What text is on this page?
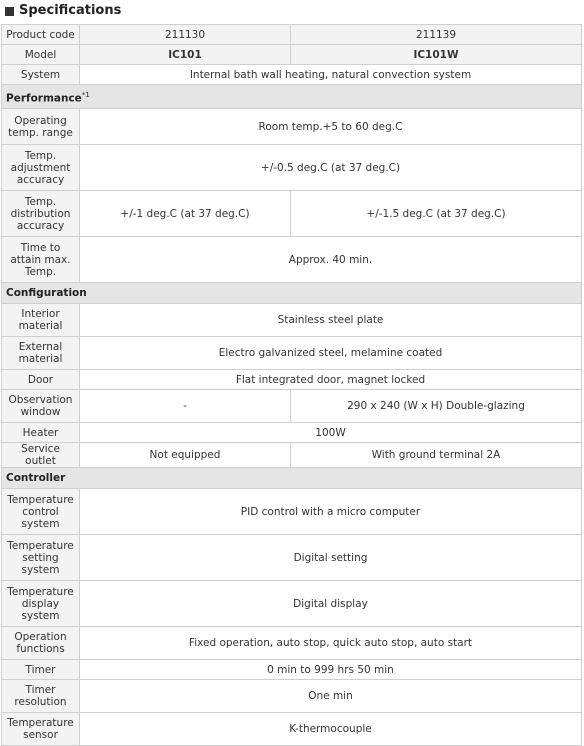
Specifications
Product code	211130	211139
Model	IC101	IC101W
System	Internal bath wall heating, natural convection system	
Performance$^{*1}$
Operating temp. range	Room temp.+5 to 60 deg.C	
Temp. adjustment accuracy	+/-0.5 deg.C (at 37 deg.C)	
Temp. distribution accuracy	+/-1 deg.C (at 37 deg.C)	+/-1.5 deg.C (at 37 deg.C)
Time to attain max. Temp.	Approx. 40 min.	
Configuration		
Interior material	Stainless steel plate	
External material	Electro galvanized steel, melamine coated	
Door	Flat integrated door, magnet locked	
Observation window	-	290 x 240 (W x H) Double-glazing
Heater	100W	
Service outlet	Not equipped	With ground terminal 2A
Controller		
Temperature control system	PID control with a micro computer	
Temperature setting system	Digital setting	
Temperature display system	Digital display	
Operation functions	Fixed operation, auto stop, quick auto stop, auto start	
Timer	0 min to 999 hrs 50 min	
Timer resolution	One min	
Temperature sensor	K-thermocouple	
